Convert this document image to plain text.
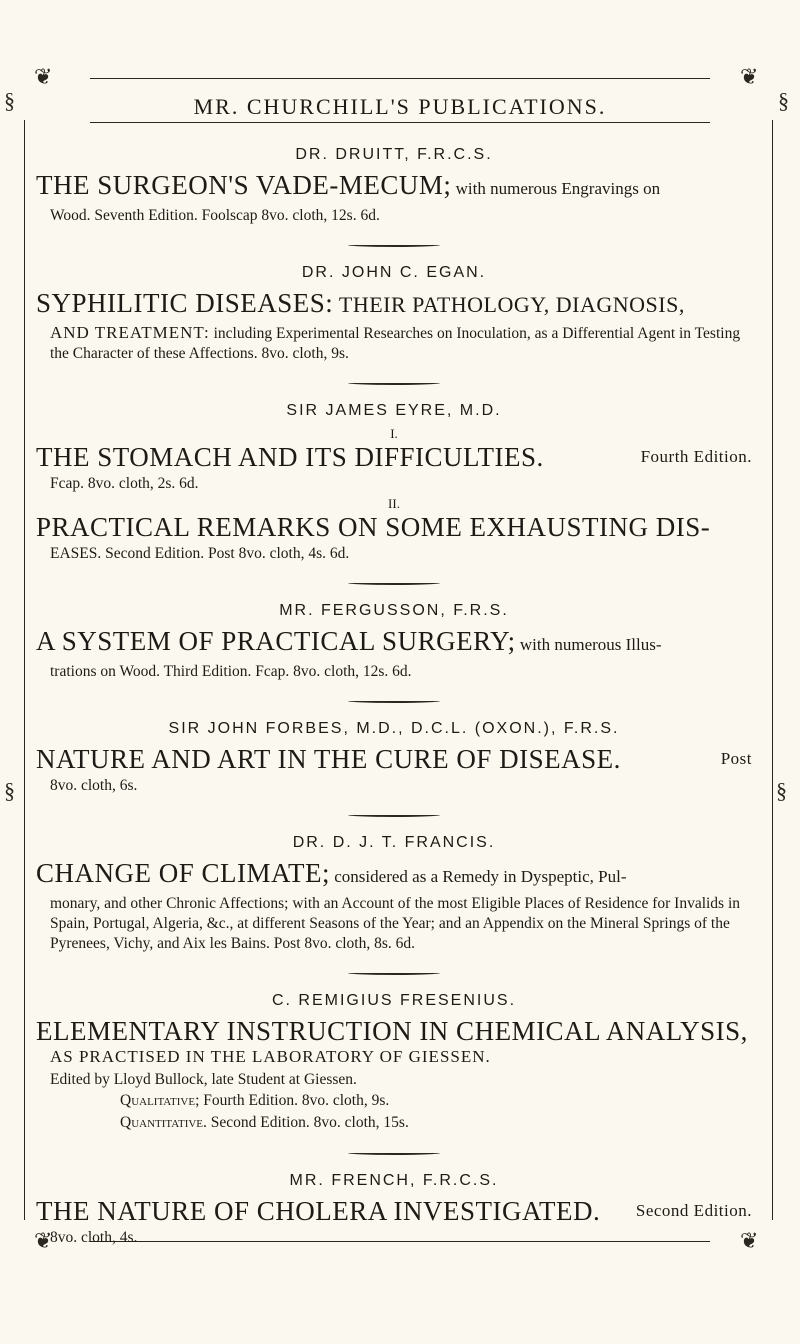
❦	❦
§	§
§	§
❦	❦
MR. CHURCHILL'S PUBLICATIONS.
DR. DRUITT, F.R.C.S.
THE SURGEON'S VADE-MECUM; with numerous Engravings on
Wood. Seventh Edition. Foolscap 8vo. cloth, 12s. 6d.
DR. JOHN C. EGAN.
SYPHILITIC DISEASES: THEIR PATHOLOGY, DIAGNOSIS,
AND TREATMENT: including Experimental Researches on Inoculation, as a Differential Agent in Testing the Character of these Affections. 8vo. cloth, 9s.
SIR JAMES EYRE, M.D.
I.
Fourth Edition.
THE STOMACH AND ITS DIFFICULTIES.
Fcap. 8vo. cloth, 2s. 6d.
II.
PRACTICAL REMARKS ON SOME EXHAUSTING DIS-
EASES. Second Edition. Post 8vo. cloth, 4s. 6d.
MR. FERGUSSON, F.R.S.
A SYSTEM OF PRACTICAL SURGERY; with numerous Illus-
trations on Wood. Third Edition. Fcap. 8vo. cloth, 12s. 6d.
SIR JOHN FORBES, M.D., D.C.L. (OXON.), F.R.S.
Post
NATURE AND ART IN THE CURE OF DISEASE.
8vo. cloth, 6s.
DR. D. J. T. FRANCIS.
CHANGE OF CLIMATE; considered as a Remedy in Dyspeptic, Pul-
monary, and other Chronic Affections; with an Account of the most Eligible Places of Residence for Invalids in Spain, Portugal, Algeria, &c., at different Seasons of the Year; and an Appendix on the Mineral Springs of the Pyrenees, Vichy, and Aix les Bains. Post 8vo. cloth, 8s. 6d.
C. REMIGIUS FRESENIUS.
ELEMENTARY INSTRUCTION IN CHEMICAL ANALYSIS,
AS PRACTISED IN THE LABORATORY OF GIESSEN.
Edited by Lloyd Bullock, late Student at Giessen.
Qualitative; Fourth Edition. 8vo. cloth, 9s.
Quantitative. Second Edition. 8vo. cloth, 15s.
MR. FRENCH, F.R.C.S.
Second Edition.
THE NATURE OF CHOLERA INVESTIGATED.
8vo. cloth, 4s.
